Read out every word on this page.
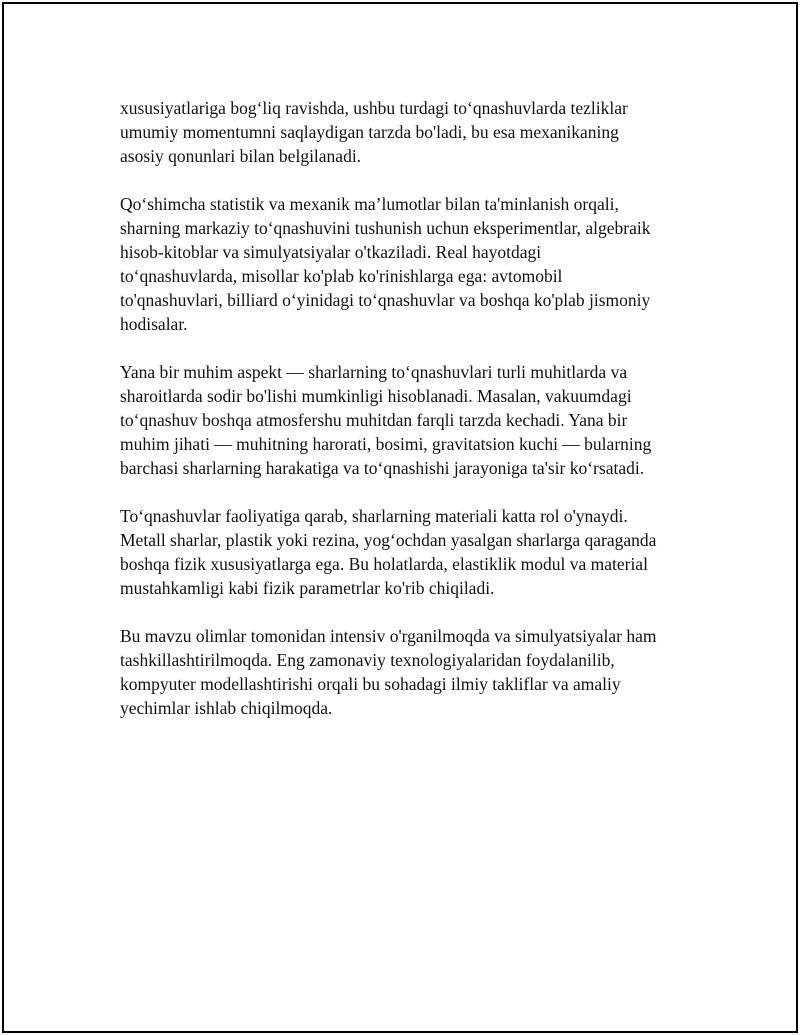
xususiyatlariga bog‘liq ravishda, ushbu turdagi to‘qnashuvlarda tezliklar
umumiy momentumni saqlaydigan tarzda bo'ladi, bu esa mexanikaning
asosiy qonunlari bilan belgilanadi.

Qo‘shimcha statistik va mexanik ma’lumotlar bilan ta'minlanish orqali,
sharning markaziy to‘qnashuvini tushunish uchun eksperimentlar, algebraik
hisob-kitoblar va simulyatsiyalar o'tkaziladi. Real hayotdagi
to‘qnashuvlarda, misollar ko'plab ko'rinishlarga ega: avtomobil
to'qnashuvlari, billiard o‘yinidagi to‘qnashuvlar va boshqa ko'plab jismoniy
hodisalar.

Yana bir muhim aspekt — sharlarning to‘qnashuvlari turli muhitlarda va
sharoitlarda sodir bo'lishi mumkinligi hisoblanadi. Masalan, vakuumdagi
to‘qnashuv boshqa atmosfershu muhitdan farqli tarzda kechadi. Yana bir
muhim jihati — muhitning harorati, bosimi, gravitatsion kuchi — bularning
barchasi sharlarning harakatiga va to‘qnashishi jarayoniga ta'sir ko‘rsatadi.

To‘qnashuvlar faoliyatiga qarab, sharlarning materiali katta rol o'ynaydi.
Metall sharlar, plastik yoki rezina, yog‘ochdan yasalgan sharlarga qaraganda
boshqa fizik xususiyatlarga ega. Bu holatlarda, elastiklik modul va material
mustahkamligi kabi fizik parametrlar ko'rib chiqiladi.

Bu mavzu olimlar tomonidan intensiv o'rganilmoqda va simulyatsiyalar ham
tashkillashtirilmoqda. Eng zamonaviy texnologiyalaridan foydalanilib,
kompyuter modellashtirishi orqali bu sohadagi ilmiy takliflar va amaliy
yechimlar ishlab chiqilmoqda.
